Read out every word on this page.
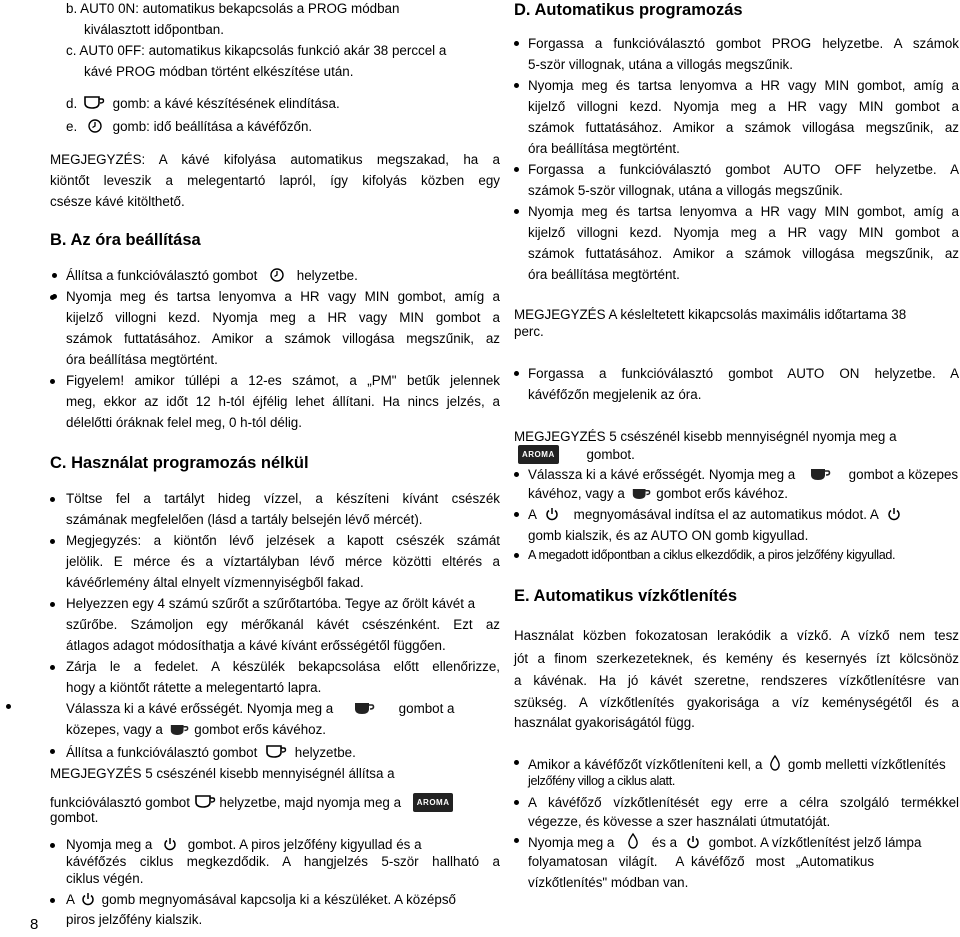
8
b. AUT0 0N: automatikus bekapcsolás a PROG módban
kiválasztott időpontban.
c. AUT0 0FF: automatikus kikapcsolás funkció akár 38 perccel a
kávé PROG módban történt elkészítése után.
d.	gomb: a kávé készítésének elindítása.
e.	gomb: idő beállítása a kávéfőzőn.
MEGJEGYZÉS: A kávé kifolyása automatikus megszakad, ha a
kiöntőt leveszik a melegentartó lapról, így kifolyás közben egy
csésze kávé kitölthető.
B. Az óra beállítása
Állítsa a funkcióválasztó gombot	helyzetbe.
Nyomja meg és tartsa lenyomva a HR vagy MIN gombot, amíg a
kijelző villogni kezd. Nyomja meg a HR vagy MIN gombot a
számok futtatásához. Amikor a számok villogása megszűnik, az
óra beállítása megtörtént.
Figyelem! amikor túllépi a 12-es számot, a „PM" betűk jelennek
meg, ekkor az időt 12 h-tól éjfélig lehet állítani. Ha nincs jelzés, a
délelőtti óráknak felel meg, 0 h-tól délig.
C. Használat programozás nélkül
Töltse fel a tartályt hideg vízzel, a készíteni kívánt csészék
számának megfelelően (lásd a tartály belsején lévő mércét).
Megjegyzés: a kiöntőn lévő jelzések a kapott csészék számát
jelölik. E mérce és a víztartályban lévő mérce közötti eltérés a
kávéőrlemény által elnyelt vízmennyiségből fakad.
Helyezzen egy 4 számú szűrőt a szűrőtartóba. Tegye az őrölt kávét a
szűrőbe. Számoljon egy mérőkanál kávét csészénként. Ezt az
átlagos adagot módosíthatja a kávé kívánt erősségétől függően.
Zárja le a fedelet. A készülék bekapcsolása előtt ellenőrizze,
hogy a kiöntőt rátette a melegentartó lapra.
Válassza ki a kávé erősségét. Nyomja meg a	gombot a
közepes, vagy a gombot erős kávéhoz.
Állítsa a funkcióválasztó gombot	helyzetbe.
MEGJEGYZÉS 5 csészénél kisebb mennyiségnél állítsa a
funkcióválasztó gombot helyzetbe, majd nyomja meg a AROMA
gombot.
Nyomja meg a	gombot. A piros jelzőfény kigyullad és a
kávéfőzés ciklus megkezdődik. A hangjelzés 5-ször hallható a
ciklus végén.
A gomb megnyomásával kapcsolja ki a készüléket. A középső
piros jelzőfény kialszik.
D. Automatikus programozás
Forgassa a funkcióválasztó gombot PROG helyzetbe. A számok
5-ször villognak, utána a villogás megszűnik.
Nyomja meg és tartsa lenyomva a HR vagy MIN gombot, amíg a
kijelző villogni kezd. Nyomja meg a HR vagy MIN gombot a
számok futtatásához. Amikor a számok villogása megszűnik, az
óra beállítása megtörtént.
Forgassa a funkcióválasztó gombot AUTO OFF helyzetbe. A
számok 5-ször villognak, utána a villogás megszűnik.
Nyomja meg és tartsa lenyomva a HR vagy MIN gombot, amíg a
kijelző villogni kezd. Nyomja meg a HR vagy MIN gombot a
számok futtatásához. Amikor a számok villogása megszűnik, az
óra beállítása megtörtént.
MEGJEGYZÉS A késleltetett kikapcsolás maximális időtartama 38
perc.
Forgassa a funkcióválasztó gombot AUTO ON helyzetbe. A
kávéfőzőn megjelenik az óra.
MEGJEGYZÉS 5 csészénél kisebb mennyiségnél nyomja meg a
AROMA gombot.
Válassza ki a kávé erősségét. Nyomja meg a	gombot a közepes
kávéhoz, vagy a gombot erős kávéhoz.
A	megnyomásával indítsa el az automatikus módot. A
gomb kialszik, és az AUTO ON gomb kigyullad.
A megadott időpontban a ciklus elkezdődik, a piros jelzőfény kigyullad.
E. Automatikus vízkőtlenítés
Használat közben fokozatosan lerakódik a vízkő. A vízkő nem tesz
jót a finom szerkezeteknek, és kemény és kesernyés ízt kölcsönöz
a kávénak. Ha jó kávét szeretne, rendszeres vízkőtlenítésre van
szükség. A vízkőtlenítés gyakorisága a víz keménységétől és a
használat gyakoriságától függ.
Amikor a kávéfőzőt vízkőtleníteni kell, a gomb melletti vízkőtlenítés
jelzőfény villog a ciklus alatt.
A kávéfőző vízkőtlenítését egy erre a célra szolgáló termékkel
végezze, és kövesse a szer használati útmutatóját.
Nyomja meg a	és a gombot. A vízkőtlenítést jelző lámpa
folyamatosan   világít.     A  kávéfőző   most   „Automatikus
vízkőtlenítés" módban van.
